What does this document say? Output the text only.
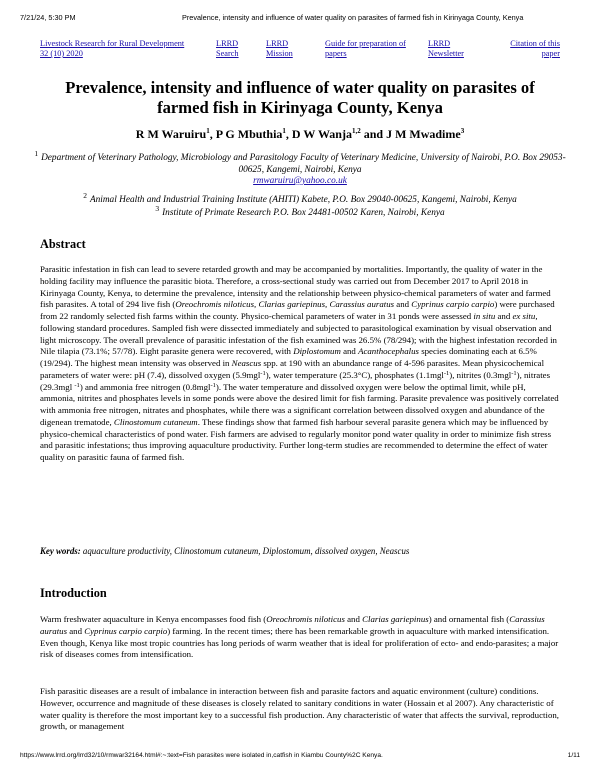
7/21/24, 5:30 PM	Prevalence, intensity and influence of water quality on parasites of farmed fish in Kirinyaga County, Kenya
Livestock Research for Rural Development
32 (10) 2020
LRRD
Search
LRRD
Mission
Guide for preparation of
papers
LRRD
Newsletter
Citation of this
paper
Prevalence, intensity and influence of water quality on parasites of farmed fish in Kirinyaga County, Kenya
R M Waruiru$^1$, P G Mbuthia$^1$, D W Wanja$^{1,2}$ and J M Mwadime$^3$
$^1$ Department of Veterinary Pathology, Microbiology and Parasitology Faculty of Veterinary Medicine, University of Nairobi, P.O. Box 29053-00625, Kangemi, Nairobi, Kenya
rmwaruiru@yahoo.co.uk
$^2$ Animal Health and Industrial Training Institute (AHITI) Kabete, P.O. Box 29040-00625, Kangemi, Nairobi, Kenya
$^3$ Institute of Primate Research P.O. Box 24481-00502 Karen, Nairobi, Kenya
Abstract

Parasitic infestation in fish can lead to severe retarded growth and may be accompanied by mortalities. Importantly, the quality of water in the holding facility may influence the parasitic biota. Therefore, a cross-sectional study was carried out from December 2017 to April 2018 in Kirinyaga County, Kenya, to determine the prevalence, intensity and the relationship between physico-chemical parameters of water and farmed fish parasites. A total of 294 live fish (Oreochromis niloticus, Clarias gariepinus, Carassius auratus and Cyprinus carpio carpio) were purchased from 22 randomly selected fish farms within the county. Physico-chemical parameters of water in 31 ponds were assessed in situ and ex situ, following standard procedures. Sampled fish were dissected immediately and subjected to parasitological examination by visual observation and light microscopy. The overall prevalence of parasitic infestation of the fish examined was 26.5% (78/294); with the highest infestation recorded in Nile tilapia (73.1%; 57/78). Eight parasite genera were recovered, with Diplostomum and Acanthocephalus species dominating each at 6.5% (19/294). The highest mean intensity was observed in Neascus spp. at 190 with an abundance range of 4-596 parasites. Mean physicochemical parameters of water were: pH (7.4), dissolved oxygen (5.9mgl$^{-1}$), water temperature (25.3°C), phosphates (1.1mgl$^{-1}$), nitrites (0.3mgl$^{-1}$), nitrates (29.3mgl $^{-1}$) and ammonia free nitrogen (0.8mgl$^{-1}$). The water temperature and dissolved oxygen were below the optimal limit, while pH, ammonia, nitrites and phosphates levels in some ponds were above the desired limit for fish farming. Parasite prevalence was positively correlated with ammonia free nitrogen, nitrates and phosphates, while there was a significant correlation between dissolved oxygen and abundance of the digenean trematode, Clinostomum cutaneum. These findings show that farmed fish harbour several parasite genera which may be influenced by physico-chemical characteristics of pond water. Fish farmers are advised to regularly monitor pond water quality in order to minimize fish stress and parasitic infestations; thus improving aquaculture productivity. Further long-term studies are recommended to determine the effect of water quality on parasitic fauna of farmed fish.

Key words: aquaculture productivity, Clinostomum cutaneum, Diplostomum, dissolved oxygen, Neascus

Introduction

Warm freshwater aquaculture in Kenya encompasses food fish (Oreochromis niloticus and Clarias gariepinus) and ornamental fish (Carassius auratus and Cyprinus carpio carpio) farming. In the recent times; there has been remarkable growth in aquaculture with marked intensification. Even though, Kenya like most tropic countries has long periods of warm weather that is ideal for proliferation of ecto- and endo-parasites; a major risk of diseases comes from intensification.

Fish parasitic diseases are a result of imbalance in interaction between fish and parasite factors and aquatic environment (culture) conditions. However, occurrence and magnitude of these diseases is closely related to sanitary conditions in water (Hossain et al 2007). Any characteristic of water quality is therefore the most important key to a successful fish production. Any characteristic of water that affects the survival, reproduction, growth, or management

https://www.lrrd.org/lrrd32/10/rmwar32164.html#:~:text=Fish parasites were isolated in,catfish in Kiambu County%2C Kenya.	1/11
